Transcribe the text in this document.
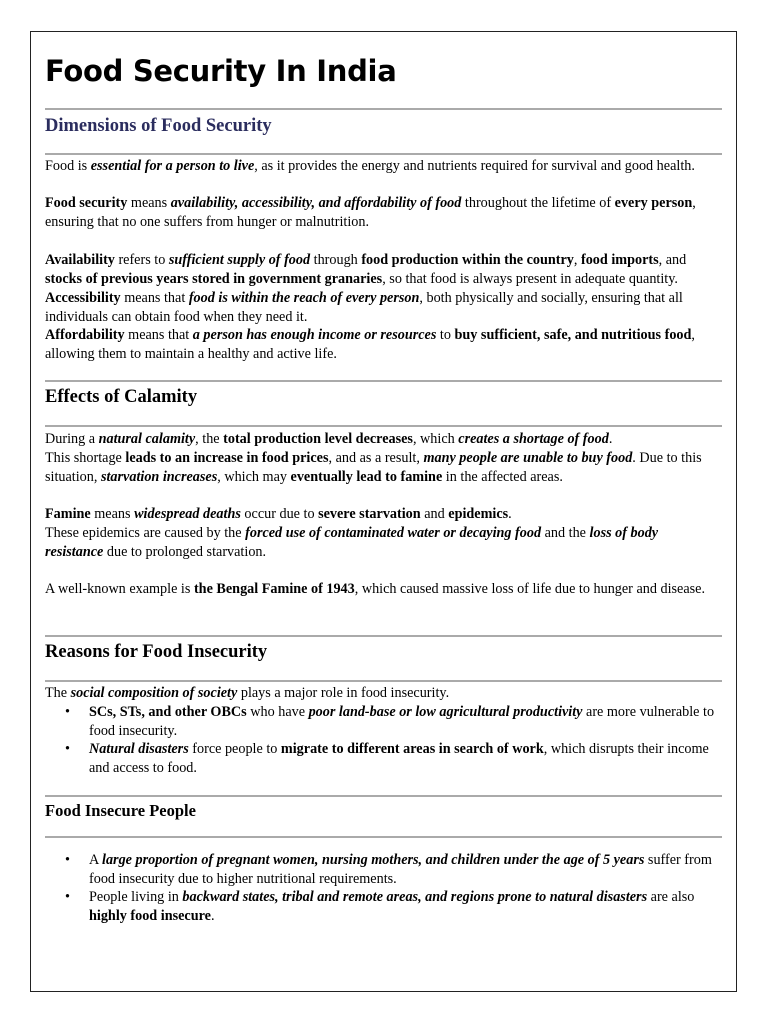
Food Security In India
Dimensions of Food Security

Food is essential for a person to live, as it provides the energy and nutrients required for survival and good health.

Food security means availability, accessibility, and affordability of food throughout the lifetime of every person, ensuring that no one suffers from hunger or malnutrition.

Availability refers to sufficient supply of food through food production within the country, food imports, and stocks of previous years stored in government granaries, so that food is always present in adequate quantity.

Accessibility means that food is within the reach of every person, both physically and socially, ensuring that all individuals can obtain food when they need it.

Affordability means that a person has enough income or resources to buy sufficient, safe, and nutritious food, allowing them to maintain a healthy and active life.

Effects of Calamity

During a natural calamity, the total production level decreases, which creates a shortage of food.

This shortage leads to an increase in food prices, and as a result, many people are unable to buy food. Due to this situation, starvation increases, which may eventually lead to famine in the affected areas.

Famine means widespread deaths occur due to severe starvation and epidemics.

These epidemics are caused by the forced use of contaminated water or decaying food and the loss of body resistance due to prolonged starvation.

A well-known example is the Bengal Famine of 1943, which caused massive loss of life due to hunger and disease.

Reasons for Food Insecurity

The social composition of society plays a major role in food insecurity.

• SCs, STs, and other OBCs who have poor land-base or low agricultural productivity are more vulnerable to food insecurity.
• Natural disasters force people to migrate to different areas in search of work, which disrupts their income and access to food.
Food Insecure People
• A large proportion of pregnant women, nursing mothers, and children under the age of 5 years suffer from food insecurity due to higher nutritional requirements.
• People living in backward states, tribal and remote areas, and regions prone to natural disasters are also highly food insecure.
